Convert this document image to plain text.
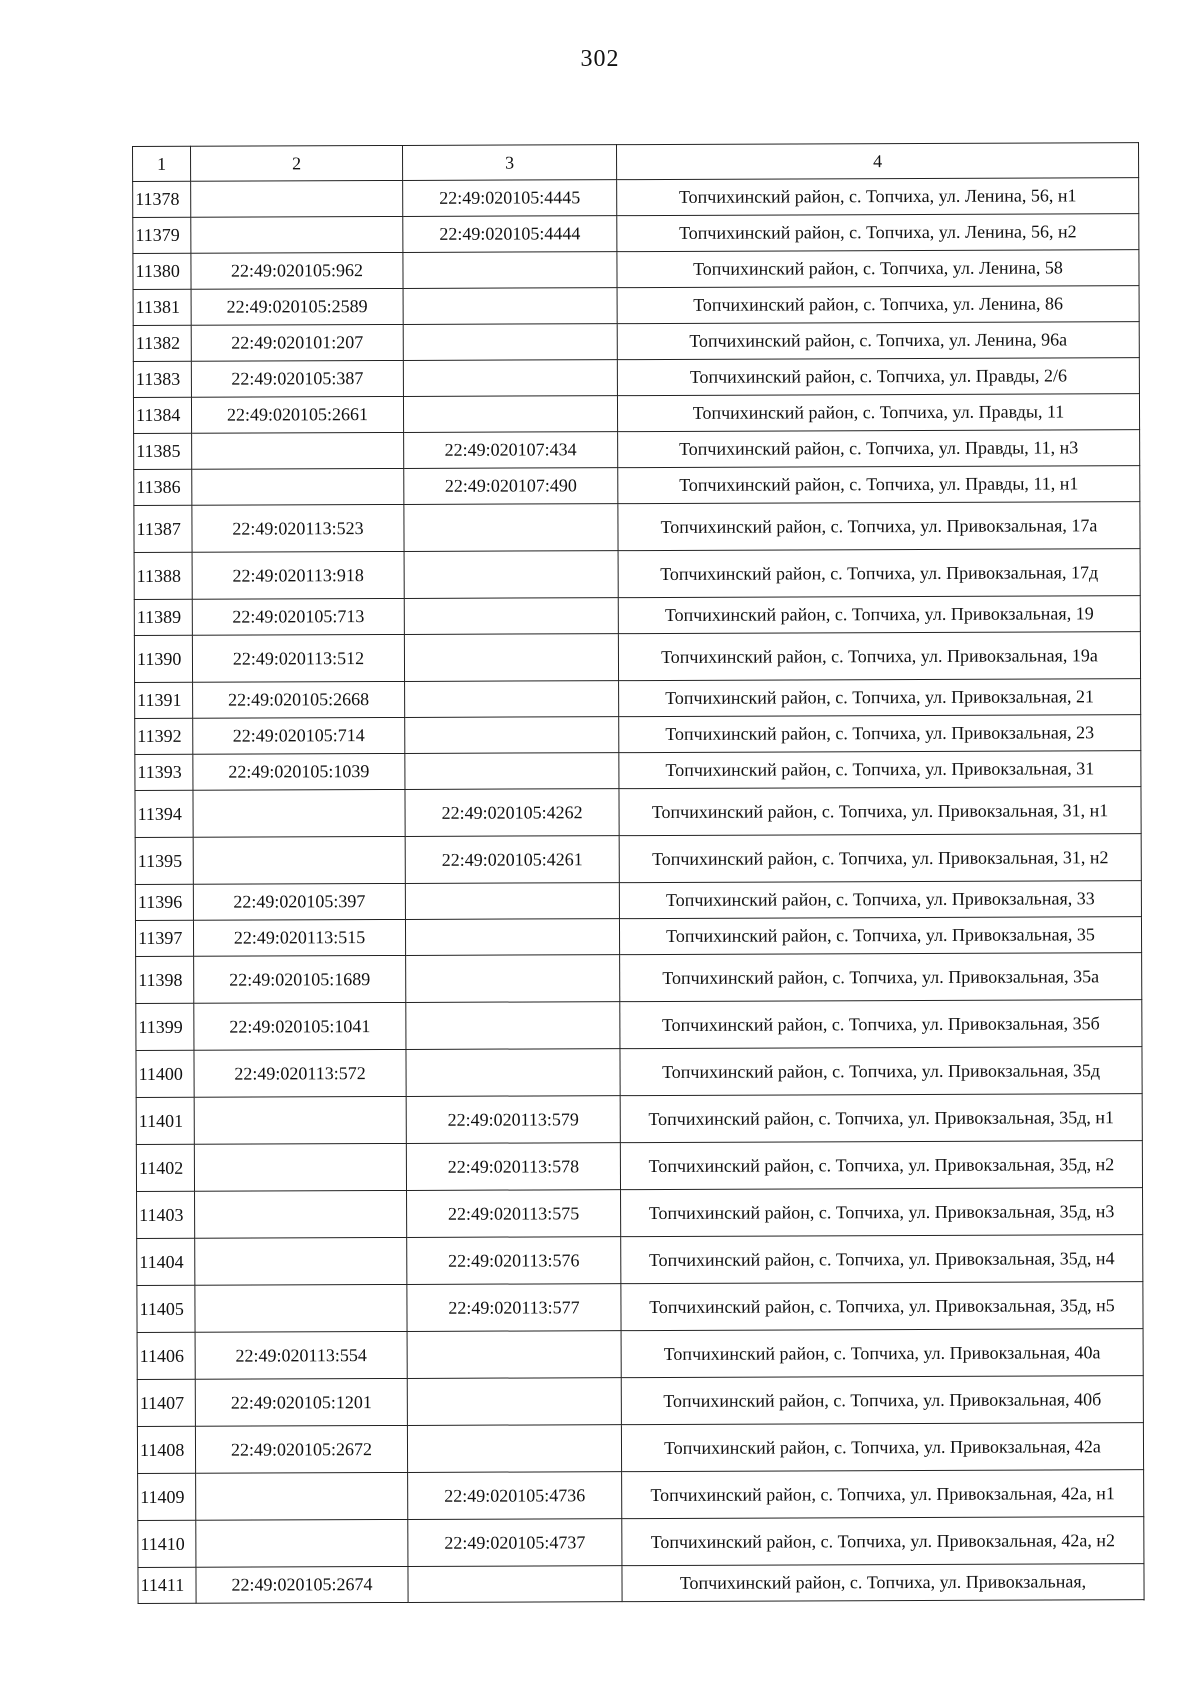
302
1	2	3	4
11378		22:49:020105:4445	Топчихинский район, с. Топчиха, ул. Ленина, 56, н1
11379		22:49:020105:4444	Топчихинский район, с. Топчиха, ул. Ленина, 56, н2
11380	22:49:020105:962		Топчихинский район, с. Топчиха, ул. Ленина, 58
11381	22:49:020105:2589		Топчихинский район, с. Топчиха, ул. Ленина, 86
11382	22:49:020101:207		Топчихинский район, с. Топчиха, ул. Ленина, 96а
11383	22:49:020105:387		Топчихинский район, с. Топчиха, ул. Правды, 2/6
11384	22:49:020105:2661		Топчихинский район, с. Топчиха, ул. Правды, 11
11385		22:49:020107:434	Топчихинский район, с. Топчиха, ул. Правды, 11, н3
11386		22:49:020107:490	Топчихинский район, с. Топчиха, ул. Правды, 11, н1
11387	22:49:020113:523		Топчихинский район, с. Топчиха, ул. Привокзальная, 17а
11388	22:49:020113:918		Топчихинский район, с. Топчиха, ул. Привокзальная, 17д
11389	22:49:020105:713		Топчихинский район, с. Топчиха, ул. Привокзальная, 19
11390	22:49:020113:512		Топчихинский район, с. Топчиха, ул. Привокзальная, 19а
11391	22:49:020105:2668		Топчихинский район, с. Топчиха, ул. Привокзальная, 21
11392	22:49:020105:714		Топчихинский район, с. Топчиха, ул. Привокзальная, 23
11393	22:49:020105:1039		Топчихинский район, с. Топчиха, ул. Привокзальная, 31
11394		22:49:020105:4262	Топчихинский район, с. Топчиха, ул. Привокзальная, 31, н1
11395		22:49:020105:4261	Топчихинский район, с. Топчиха, ул. Привокзальная, 31, н2
11396	22:49:020105:397		Топчихинский район, с. Топчиха, ул. Привокзальная, 33
11397	22:49:020113:515		Топчихинский район, с. Топчиха, ул. Привокзальная, 35
11398	22:49:020105:1689		Топчихинский район, с. Топчиха, ул. Привокзальная, 35а
11399	22:49:020105:1041		Топчихинский район, с. Топчиха, ул. Привокзальная, 35б
11400	22:49:020113:572		Топчихинский район, с. Топчиха, ул. Привокзальная, 35д
11401		22:49:020113:579	Топчихинский район, с. Топчиха, ул. Привокзальная, 35д, н1
11402		22:49:020113:578	Топчихинский район, с. Топчиха, ул. Привокзальная, 35д, н2
11403		22:49:020113:575	Топчихинский район, с. Топчиха, ул. Привокзальная, 35д, н3
11404		22:49:020113:576	Топчихинский район, с. Топчиха, ул. Привокзальная, 35д, н4
11405		22:49:020113:577	Топчихинский район, с. Топчиха, ул. Привокзальная, 35д, н5
11406	22:49:020113:554		Топчихинский район, с. Топчиха, ул. Привокзальная, 40а
11407	22:49:020105:1201		Топчихинский район, с. Топчиха, ул. Привокзальная, 40б
11408	22:49:020105:2672		Топчихинский район, с. Топчиха, ул. Привокзальная, 42а
11409		22:49:020105:4736	Топчихинский район, с. Топчиха, ул. Привокзальная, 42а, н1
11410		22:49:020105:4737	Топчихинский район, с. Топчиха, ул. Привокзальная, 42а, н2
11411	22:49:020105:2674		Топчихинский район, с. Топчиха, ул. Привокзальная,
